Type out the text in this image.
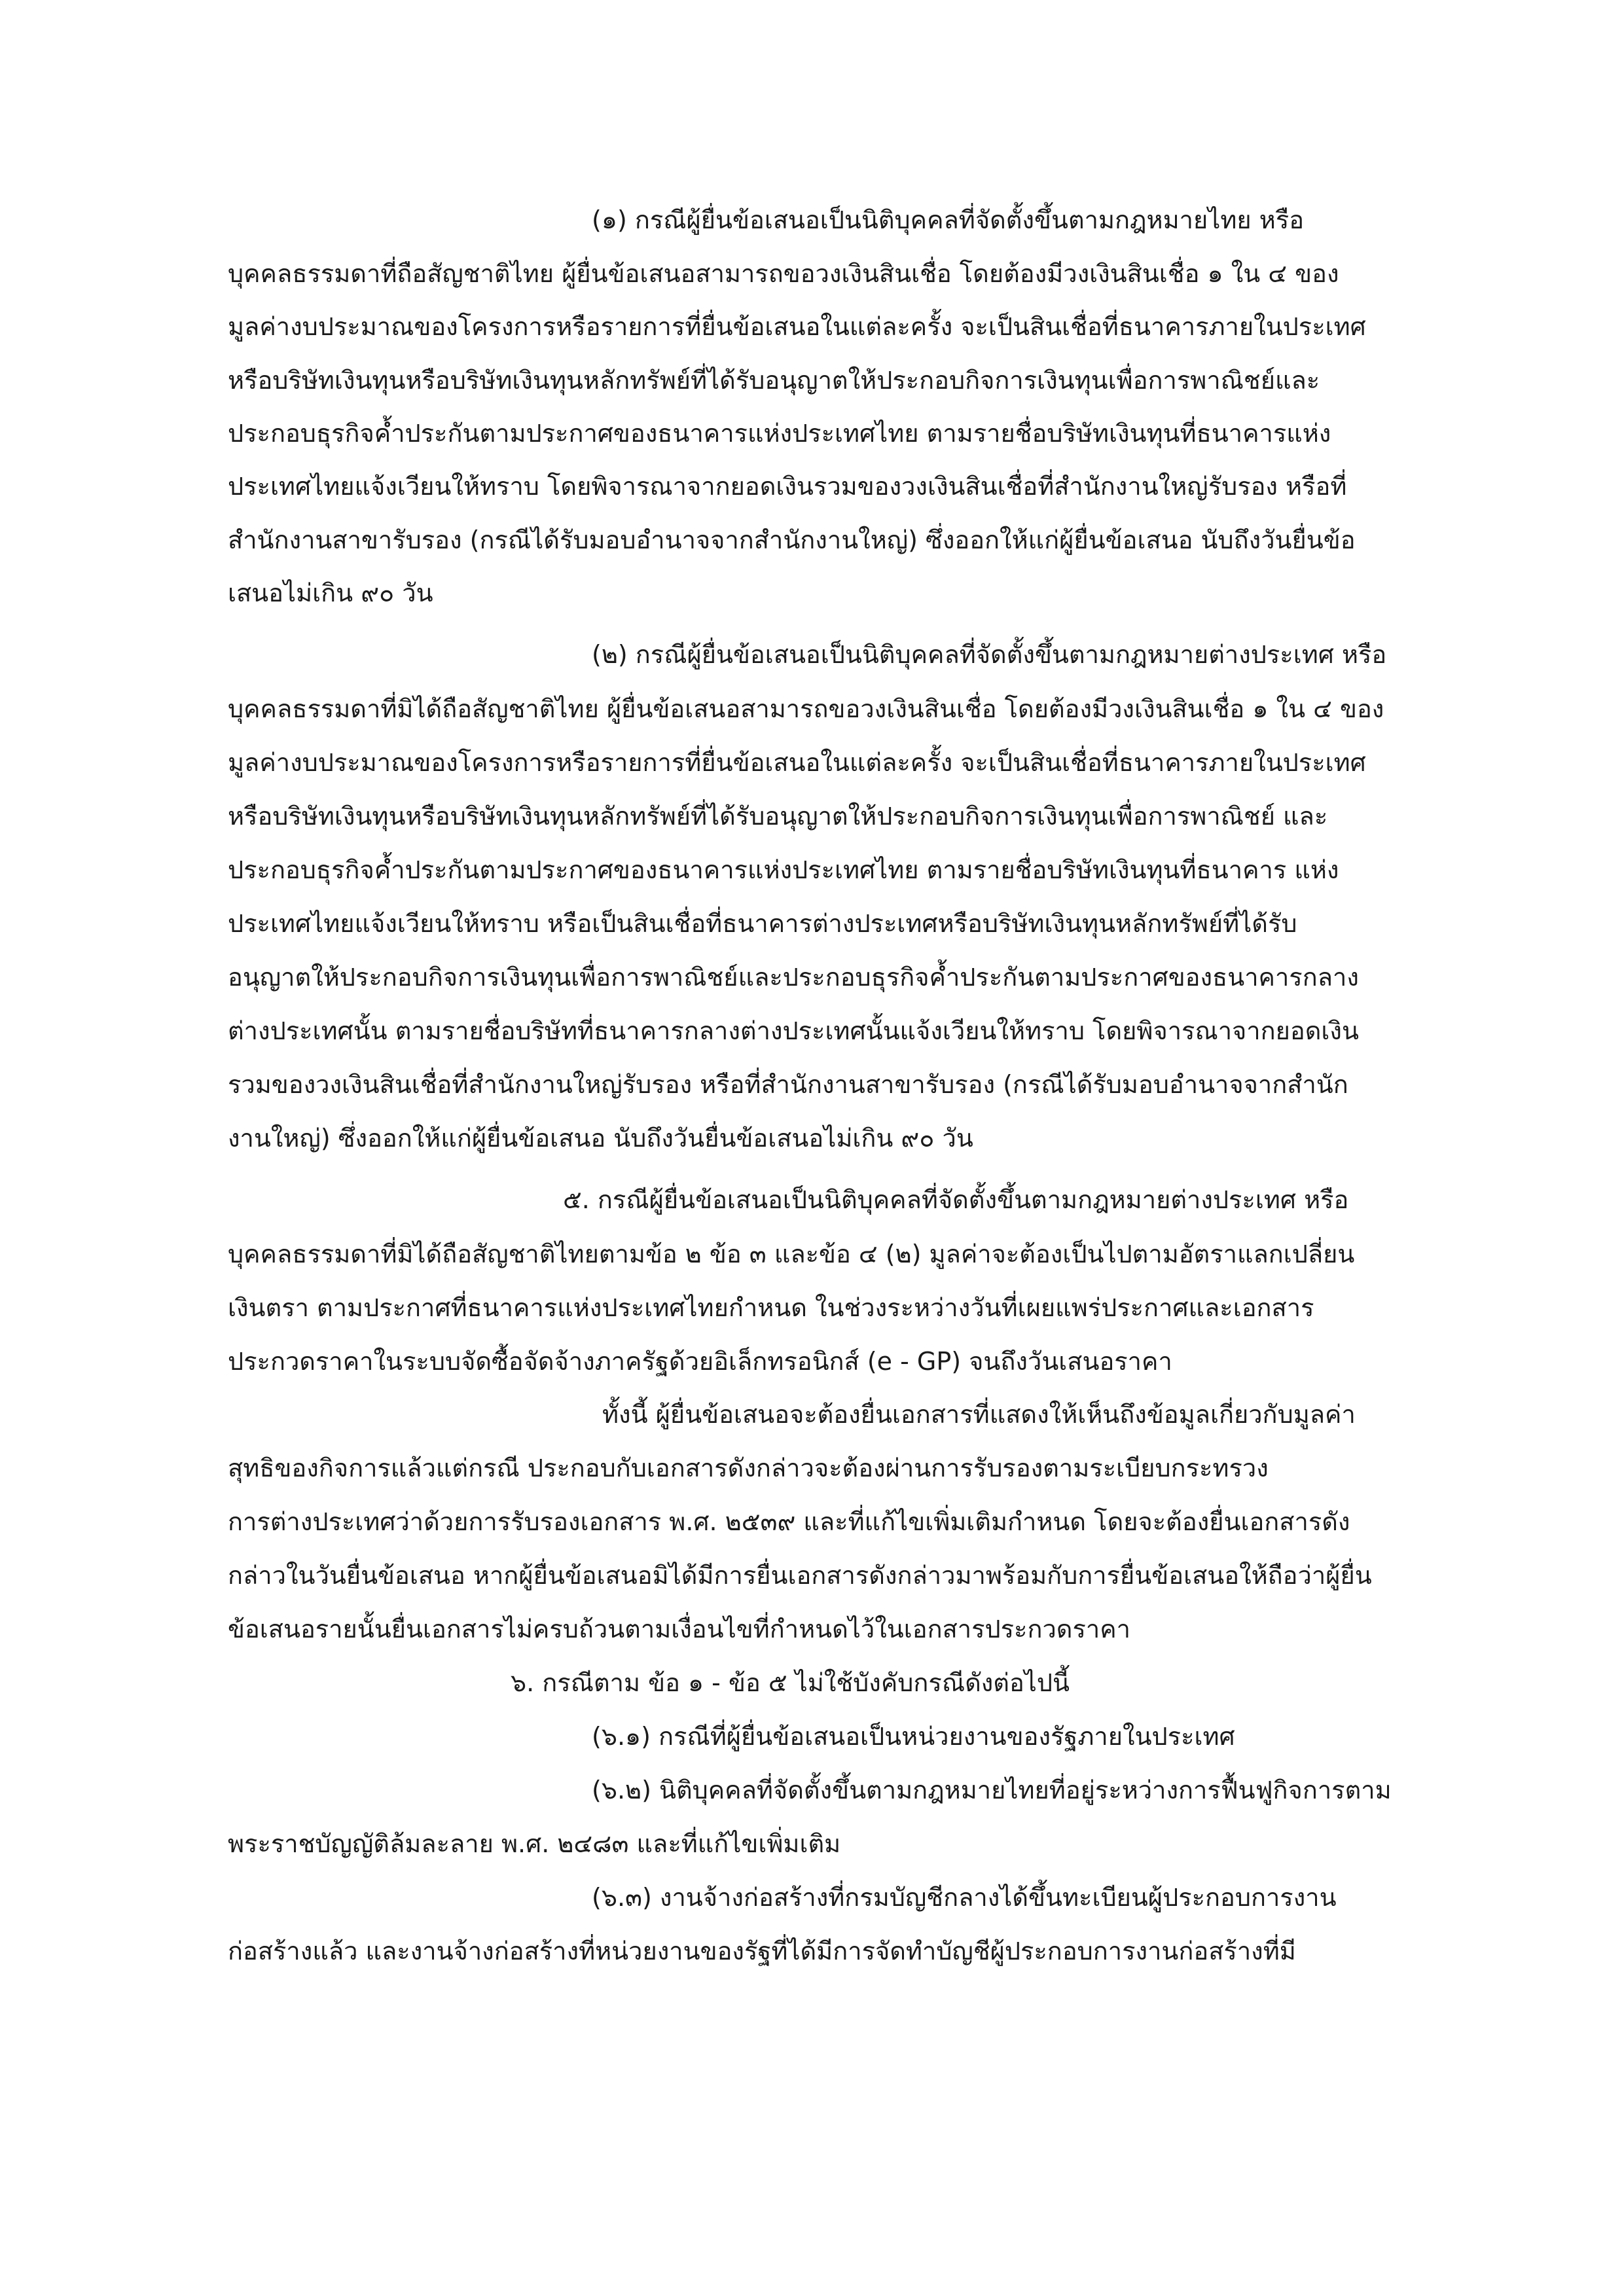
(๑) กรณีผู้ยื่นข้อเสนอเป็นนิติบุคคลที่จัดตั้งขึ้นตามกฎหมายไทย หรือ

บุคคลธรรมดาที่ถือสัญชาติไทย ผู้ยื่นข้อเสนอสามารถขอวงเงินสินเชื่อ โดยต้องมีวงเงินสินเชื่อ ๑ ใน ๔ ของ

มูลค่างบประมาณของโครงการหรือรายการที่ยื่นข้อเสนอในแต่ละครั้ง จะเป็นสินเชื่อที่ธนาคารภายในประเทศ

หรือบริษัทเงินทุนหรือบริษัทเงินทุนหลักทรัพย์ที่ได้รับอนุญาตให้ประกอบกิจการเงินทุนเพื่อการพาณิชย์และ

ประกอบธุรกิจค้ำประกันตามประกาศของธนาคารแห่งประเทศไทย ตามรายชื่อบริษัทเงินทุนที่ธนาคารแห่ง

ประเทศไทยแจ้งเวียนให้ทราบ โดยพิจารณาจากยอดเงินรวมของวงเงินสินเชื่อที่สำนักงานใหญ่รับรอง หรือที่

สำนักงานสาขารับรอง (กรณีได้รับมอบอำนาจจากสำนักงานใหญ่) ซึ่งออกให้แก่ผู้ยื่นข้อเสนอ นับถึงวันยื่นข้อ

เสนอไม่เกิน ๙๐ วัน

(๒) กรณีผู้ยื่นข้อเสนอเป็นนิติบุคคลที่จัดตั้งขึ้นตามกฎหมายต่างประเทศ หรือ

บุคคลธรรมดาที่มิได้ถือสัญชาติไทย ผู้ยื่นข้อเสนอสามารถขอวงเงินสินเชื่อ โดยต้องมีวงเงินสินเชื่อ ๑ ใน ๔ ของ

มูลค่างบประมาณของโครงการหรือรายการที่ยื่นข้อเสนอในแต่ละครั้ง จะเป็นสินเชื่อที่ธนาคารภายในประเทศ

หรือบริษัทเงินทุนหรือบริษัทเงินทุนหลักทรัพย์ที่ได้รับอนุญาตให้ประกอบกิจการเงินทุนเพื่อการพาณิชย์ และ

ประกอบธุรกิจค้ำประกันตามประกาศของธนาคารแห่งประเทศไทย ตามรายชื่อบริษัทเงินทุนที่ธนาคาร แห่ง

ประเทศไทยแจ้งเวียนให้ทราบ หรือเป็นสินเชื่อที่ธนาคารต่างประเทศหรือบริษัทเงินทุนหลักทรัพย์ที่ได้รับ

อนุญาตให้ประกอบกิจการเงินทุนเพื่อการพาณิชย์และประกอบธุรกิจค้ำประกันตามประกาศของธนาคารกลาง

ต่างประเทศนั้น ตามรายชื่อบริษัทที่ธนาคารกลางต่างประเทศนั้นแจ้งเวียนให้ทราบ โดยพิจารณาจากยอดเงิน

รวมของวงเงินสินเชื่อที่สำนักงานใหญ่รับรอง หรือที่สำนักงานสาขารับรอง (กรณีได้รับมอบอำนาจจากสำนัก

งานใหญ่) ซึ่งออกให้แก่ผู้ยื่นข้อเสนอ นับถึงวันยื่นข้อเสนอไม่เกิน ๙๐ วัน

๕. กรณีผู้ยื่นข้อเสนอเป็นนิติบุคคลที่จัดตั้งขึ้นตามกฎหมายต่างประเทศ หรือ

บุคคลธรรมดาที่มิได้ถือสัญชาติไทยตามข้อ ๒ ข้อ ๓ และข้อ ๔ (๒) มูลค่าจะต้องเป็นไปตามอัตราแลกเปลี่ยน

เงินตรา ตามประกาศที่ธนาคารแห่งประเทศไทยกำหนด ในช่วงระหว่างวันที่เผยแพร่ประกาศและเอกสาร

ประกวดราคาในระบบจัดซื้อจัดจ้างภาครัฐด้วยอิเล็กทรอนิกส์ (e - GP) จนถึงวันเสนอราคา

ทั้งนี้ ผู้ยื่นข้อเสนอจะต้องยื่นเอกสารที่แสดงให้เห็นถึงข้อมูลเกี่ยวกับมูลค่า

สุทธิของกิจการแล้วแต่กรณี ประกอบกับเอกสารดังกล่าวจะต้องผ่านการรับรองตามระเบียบกระทรวง

การต่างประเทศว่าด้วยการรับรองเอกสาร พ.ศ. ๒๕๓๙ และที่แก้ไขเพิ่มเติมกำหนด โดยจะต้องยื่นเอกสารดัง

กล่าวในวันยื่นข้อเสนอ หากผู้ยื่นข้อเสนอมิได้มีการยื่นเอกสารดังกล่าวมาพร้อมกับการยื่นข้อเสนอให้ถือว่าผู้ยื่น

ข้อเสนอรายนั้นยื่นเอกสารไม่ครบถ้วนตามเงื่อนไขที่กำหนดไว้ในเอกสารประกวดราคา

๖. กรณีตาม ข้อ ๑ - ข้อ ๕ ไม่ใช้บังคับกรณีดังต่อไปนี้

(๖.๑) กรณีที่ผู้ยื่นข้อเสนอเป็นหน่วยงานของรัฐภายในประเทศ

(๖.๒) นิติบุคคลที่จัดตั้งขึ้นตามกฎหมายไทยที่อยู่ระหว่างการฟื้นฟูกิจการตาม

พระราชบัญญัติล้มละลาย พ.ศ. ๒๔๘๓ และที่แก้ไขเพิ่มเติม

(๖.๓) งานจ้างก่อสร้างที่กรมบัญชีกลางได้ขึ้นทะเบียนผู้ประกอบการงาน

ก่อสร้างแล้ว และงานจ้างก่อสร้างที่หน่วยงานของรัฐที่ได้มีการจัดทำบัญชีผู้ประกอบการงานก่อสร้างที่มี
